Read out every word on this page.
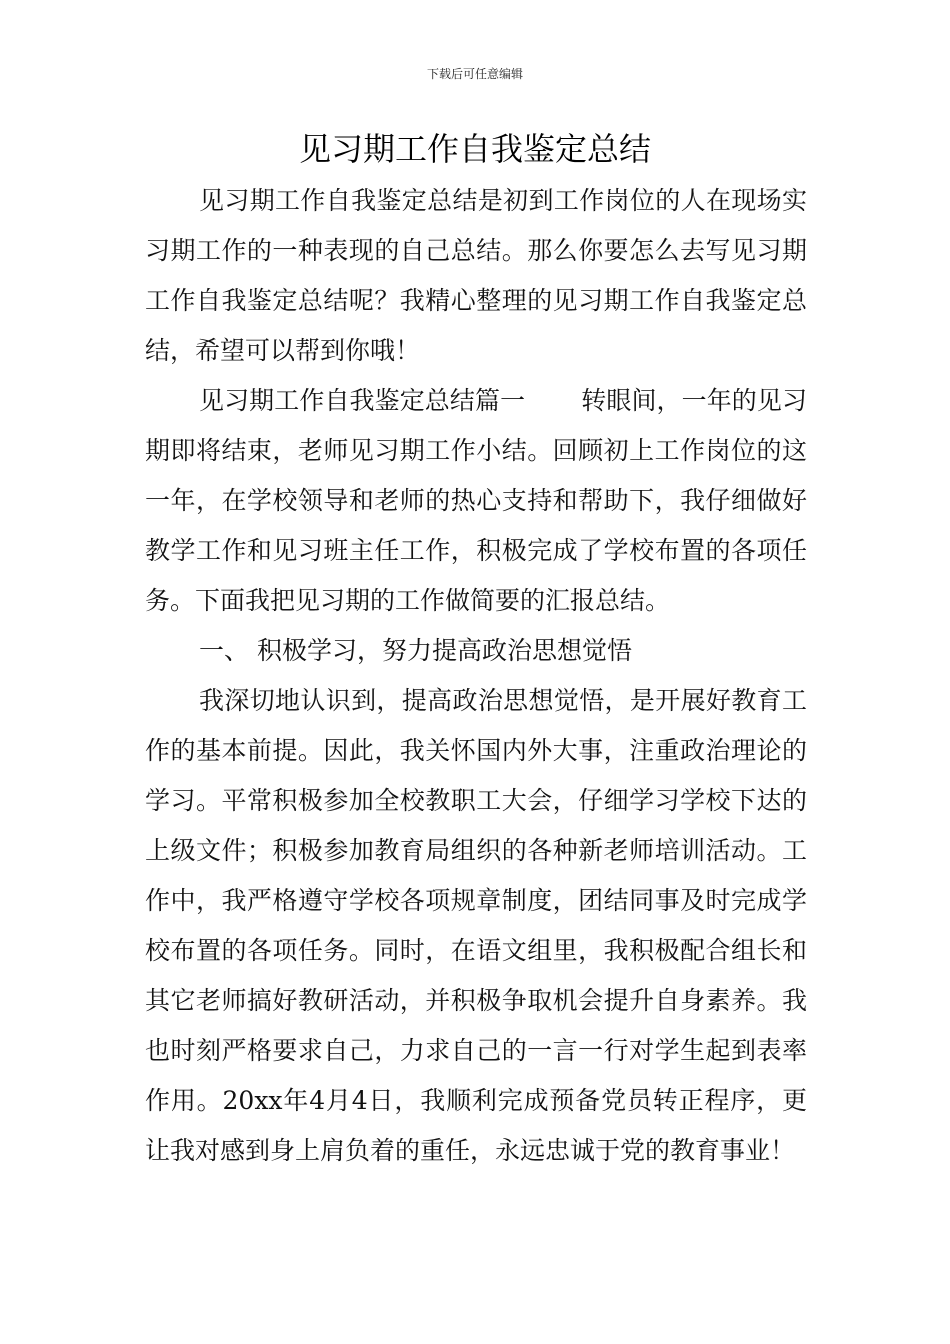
下载后可任意编辑
见习期工作自我鉴定总结

见习期工作自我鉴定总结是初到工作岗位的人在现场实习期工作的一种表现的自己总结。那么你要怎么去写见习期工作自我鉴定总结呢？我精心整理的见习期工作自我鉴定总结，希望可以帮到你哦！

见习期工作自我鉴定总结篇一 转眼间，一年的见习期即将结束，老师见习期工作小结。回顾初上工作岗位的这一年，在学校领导和老师的热心支持和帮助下，我仔细做好教学工作和见习班主任工作，积极完成了学校布置的各项任务。下面我把见习期的工作做简要的汇报总结。

一、 积极学习，努力提高政治思想觉悟

我深切地认识到，提高政治思想觉悟，是开展好教育工作的基本前提。因此，我关怀国内外大事，注重政治理论的学习。平常积极参加全校教职工大会，仔细学习学校下达的上级文件；积极参加教育局组织的各种新老师培训活动。工作中，我严格遵守学校各项规章制度，团结同事及时完成学校布置的各项任务。同时，在语文组里，我积极配合组长和其它老师搞好教研活动，并积极争取机会提升自身素养。我也时刻严格要求自己，力求自己的一言一行对学生起到表率作用。20xx年4月4日，我顺利完成预备党员转正程序，更让我对感到身上肩负着的重任，永远忠诚于党的教育事业！
